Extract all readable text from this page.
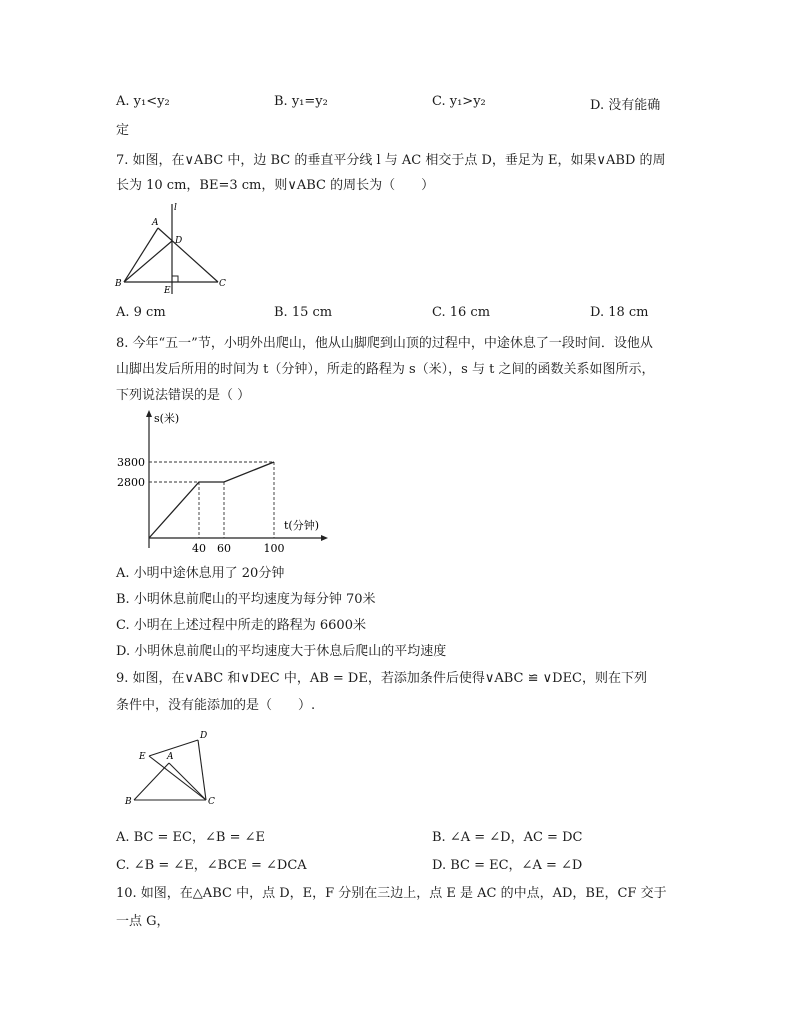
A. y₁<y₂	B. y₁=y₂	C. y₁>y₂	D. 没有能确
定
7. 如图，在∨ABC 中，边 BC 的垂直平分线 l 与 AC 相交于点 D，垂足为 E，如果∨ABD 的周
长为 10 cm，BE=3 cm，则∨ABC 的周长为（　　）
A
l
D
B
E
C
A. 9 cm	B. 15 cm	C. 16 cm	D. 18 cm
8. 今年“五一”节，小明外出爬山，他从山脚爬到山顶的过程中，中途休息了一段时间．设他从
山脚出发后所用的时间为 t（分钟），所走的路程为 s（米），s 与 t 之间的函数关系如图所示，
下列说法错误的是（ ）
s(米)
t(分钟)
2800
3800
40 60	100
A. 小明中途休息用了 20分钟
B. 小明休息前爬山的平均速度为每分钟 70米
C. 小明在上述过程中所走的路程为 6600米
D. 小明休息前爬山的平均速度大于休息后爬山的平均速度
9. 如图，在∨ABC 和∨DEC 中，AB = DE，若添加条件后使得∨ABC ≌ ∨DEC，则在下列
条件中，没有能添加的是（　　）.
D
E A
B	C
A. BC = EC，∠B = ∠E	B. ∠A = ∠D，AC = DC
C. ∠B = ∠E，∠BCE = ∠DCA	D. BC = EC，∠A = ∠D
10. 如图，在△ABC 中，点 D，E，F 分别在三边上，点 E 是 AC 的中点，AD，BE，CF 交于
一点 G，
